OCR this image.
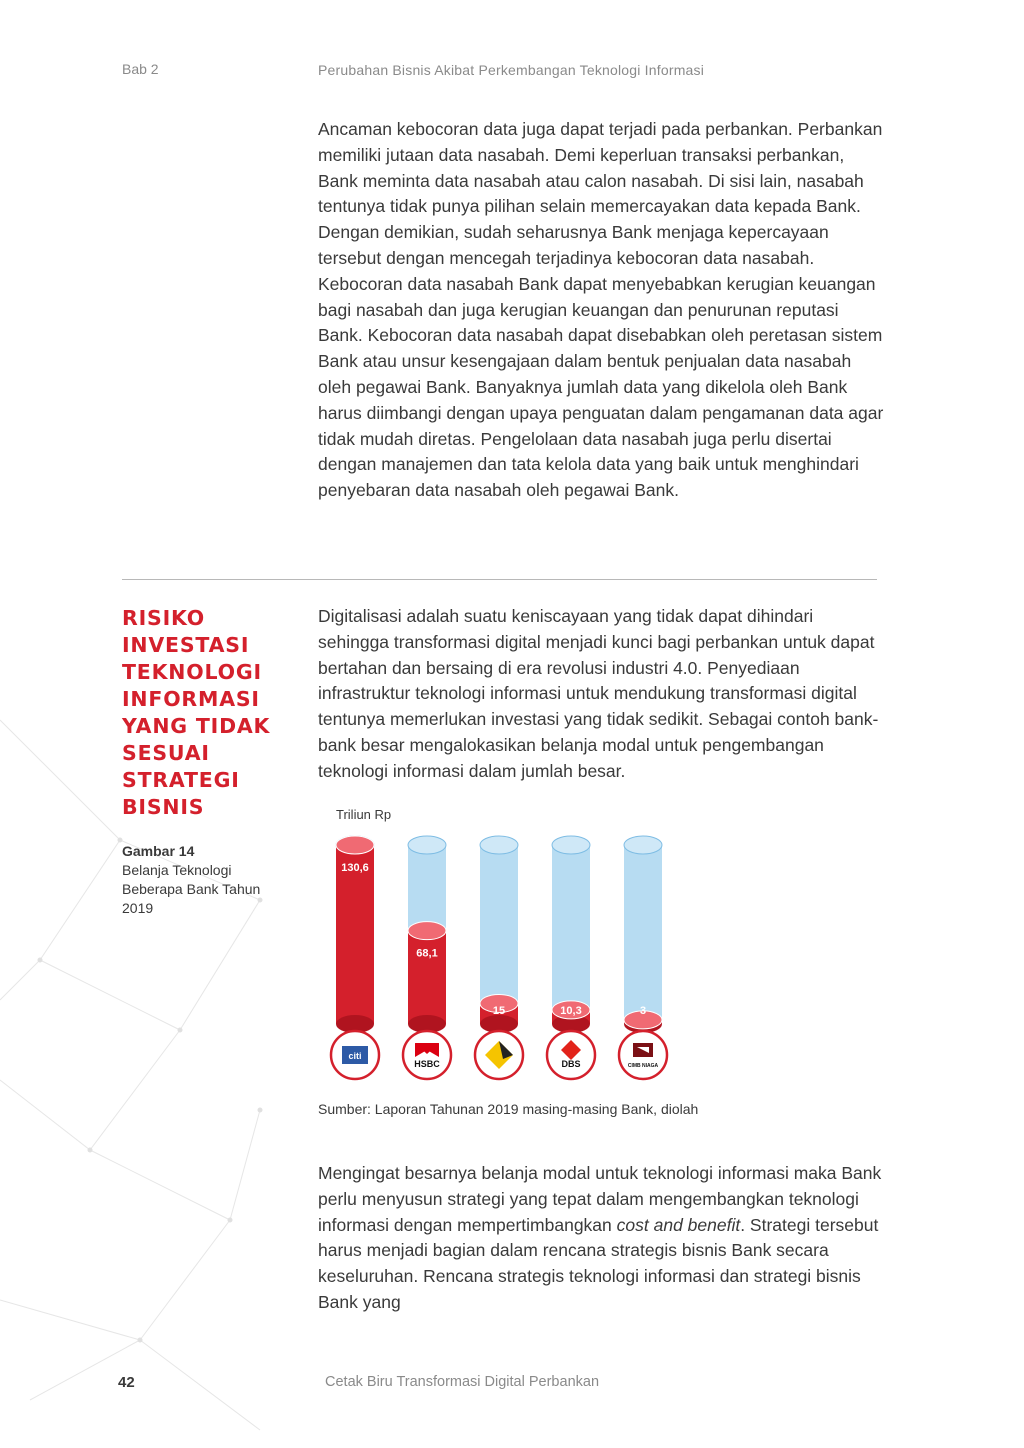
Bab 2	Perubahan Bisnis Akibat Perkembangan Teknologi Informasi

Ancaman kebocoran data juga dapat terjadi pada perbankan. Perbankan memiliki jutaan data nasabah. Demi keperluan transaksi perbankan, Bank meminta data nasabah atau calon nasabah. Di sisi lain, nasabah tentunya tidak punya pilihan selain memercayakan data kepada Bank. Dengan demikian, sudah seharusnya Bank menjaga kepercayaan tersebut dengan mencegah terjadinya kebocoran data nasabah. Kebocoran data nasabah Bank dapat menyebabkan kerugian keuangan bagi nasabah dan juga kerugian keuangan dan penurunan reputasi Bank. Kebocoran data nasabah dapat disebabkan oleh peretasan sistem Bank atau unsur kesengajaan dalam bentuk penjualan data nasabah oleh pegawai Bank. Banyaknya jumlah data yang dikelola oleh Bank harus diimbangi dengan upaya penguatan dalam pengamanan data agar tidak mudah diretas. Pengelolaan data nasabah juga perlu disertai dengan manajemen dan tata kelola data yang baik untuk menghindari penyebaran data nasabah oleh pegawai Bank.

RISIKO
INVESTASI
TEKNOLOGI
INFORMASI
YANG TIDAK
SESUAI
STRATEGI
BISNIS

Digitalisasi adalah suatu keniscayaan yang tidak dapat dihindari sehingga transformasi digital menjadi kunci bagi perbankan untuk dapat bertahan dan bersaing di era revolusi industri 4.0. Penyediaan infrastruktur teknologi informasi untuk mendukung transformasi digital tentunya memerlukan investasi yang tidak sedikit. Sebagai contoh bank-bank besar mengalokasikan belanja modal untuk pengembangan teknologi informasi dalam jumlah besar.

Gambar 14
Belanja Teknologi Beberapa Bank Tahun 2019
Triliun Rp
130,6
citi
68,1
HSBC
15	10,3
DBS
3
CIMB NIAGA
Sumber: Laporan Tahunan 2019 masing-masing Bank, diolah

Mengingat besarnya belanja modal untuk teknologi informasi maka Bank perlu menyusun strategi yang tepat dalam mengembangkan teknologi informasi dengan mempertimbangkan cost and benefit. Strategi tersebut harus menjadi bagian dalam rencana strategis bisnis Bank secara keseluruhan. Rencana strategis teknologi informasi dan strategi bisnis Bank yang

42	Cetak Biru Transformasi Digital Perbankan
